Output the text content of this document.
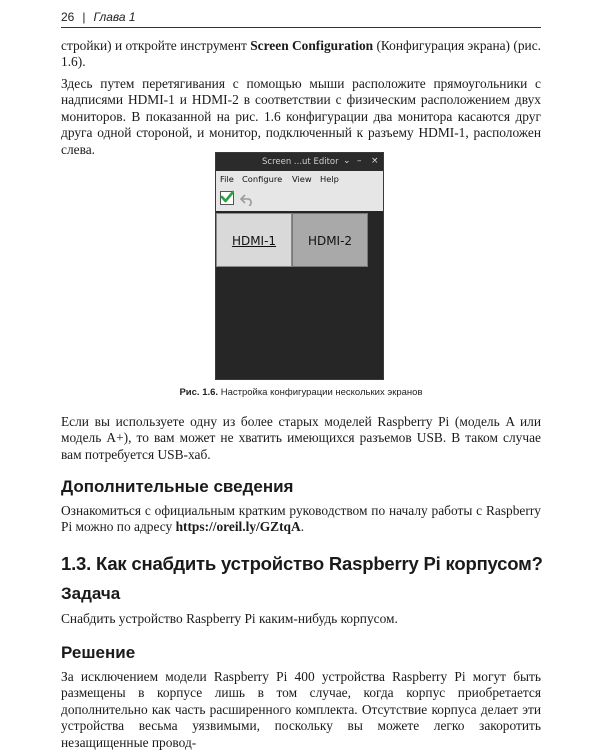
26 | Глава 1
стройки) и откройте инструмент Screen Configuration (Конфигурация экрана) (рис. 1.6).
Здесь путем перетягивания с помощью мыши расположите прямоугольники с надписями HDMI-1 и HDMI-2 в соответствии с физическим расположением двух мониторов. В показанной на рис. 1.6 конфигурации два монитора касаются друг друга одной стороной, и монитор, подключенный к разъему HDMI-1, расположен слева.
Screen ...ut Editor ⌄ – ×
File Configure View Help
HDMI-1	HDMI-2
Рис. 1.6. Настройка конфигурации нескольких экранов
Если вы используете одну из более старых моделей Raspberry Pi (модель A или модель A+), то вам может не хватить имеющихся разъемов USB. В таком случае вам потребуется USB-хаб.
Дополнительные сведения
Ознакомиться с официальным кратким руководством по началу работы с Raspberry Pi можно по адресу https://oreil.ly/GZtqA.
1.3. Как снабдить устройство Raspberry Pi корпусом?
Задача
Снабдить устройство Raspberry Pi каким-нибудь корпусом.
Решение
За исключением модели Raspberry Pi 400 устройства Raspberry Pi могут быть размещены в корпусе лишь в том случае, когда корпус приобретается дополнительно как часть расширенного комплекта. Отсутствие корпуса делает эти устройства весьма уязвимыми, поскольку вы можете легко закоротить незащищенные провод-
